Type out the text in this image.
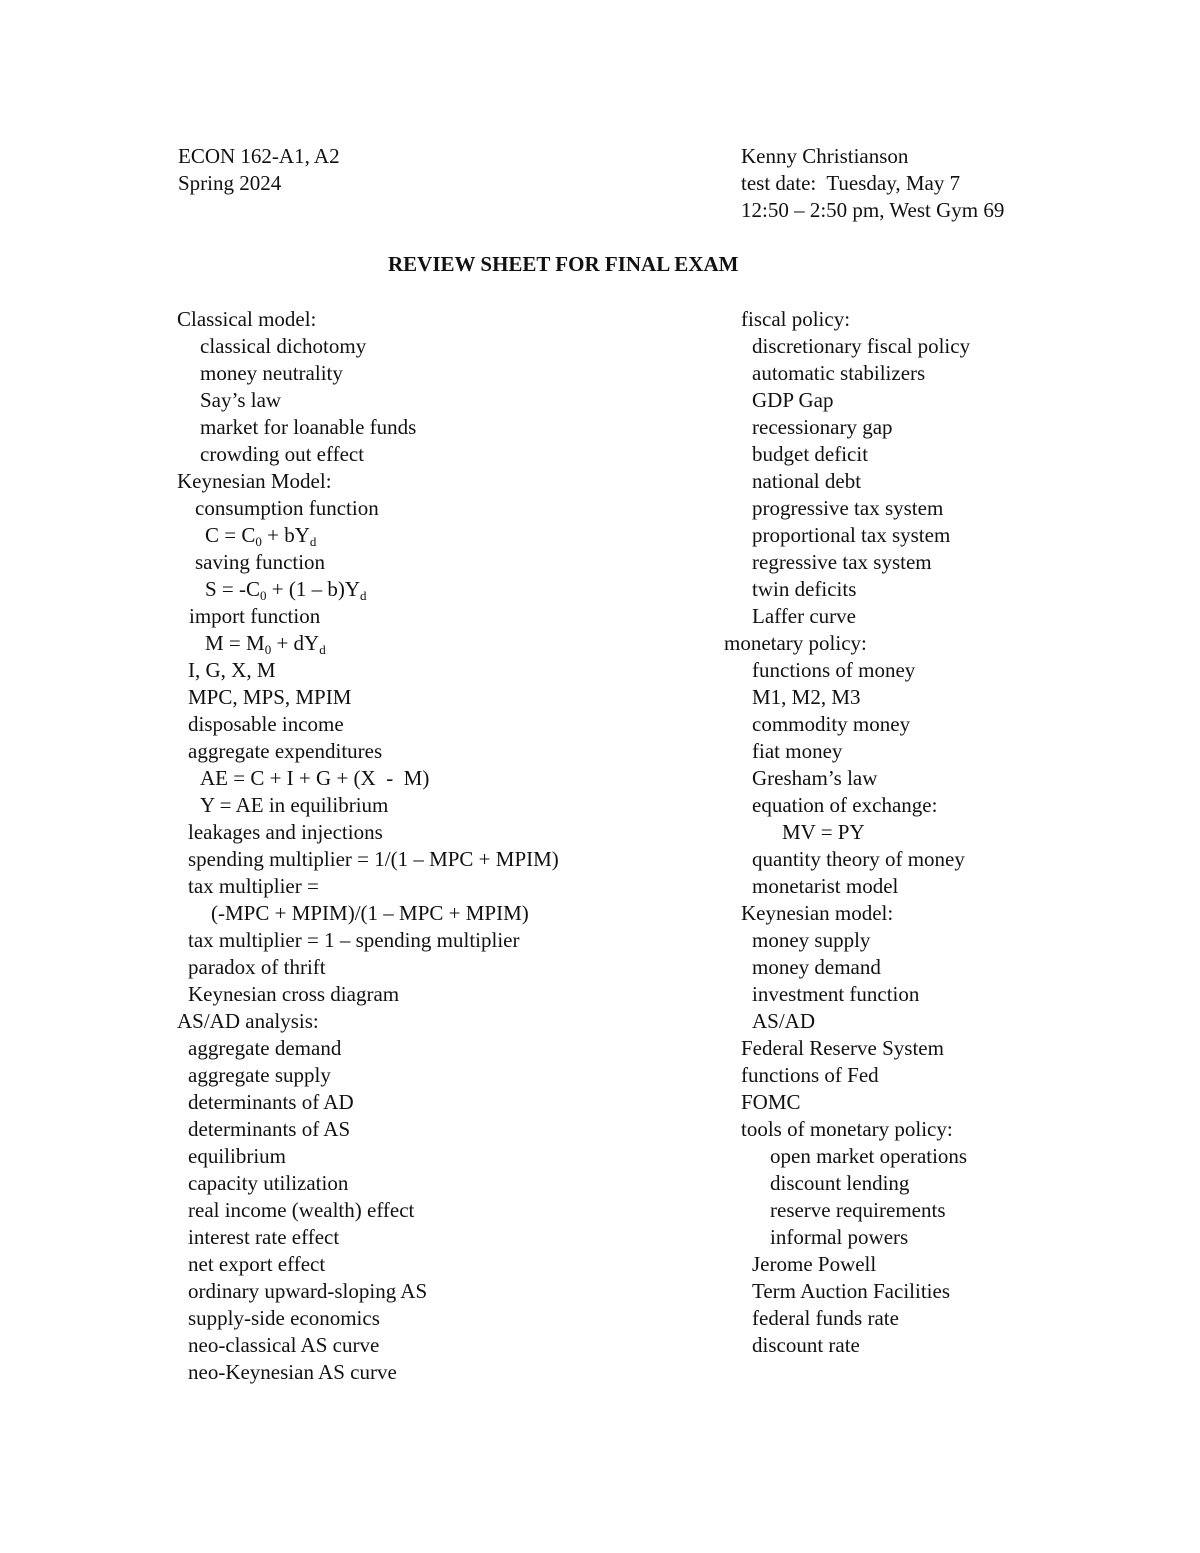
ECON 162-A1, A2
Spring 2024
Kenny Christianson
test date:  Tuesday, May 7
12:50 – 2:50 pm, West Gym 69
REVIEW SHEET FOR FINAL EXAM
Classical model:
classical dichotomy
money neutrality
Say’s law
market for loanable funds
crowding out effect
Keynesian Model:
consumption function
$C = C_0 + bY_d$
saving function
$S = -C_0 + (1 - b)Y_d$
import function
$M = M_0 + dY_d$
I, G, X, M
MPC, MPS, MPIM
disposable income
aggregate expenditures
AE = C + I + G + (X  -  M)
Y = AE in equilibrium
leakages and injections
spending multiplier = 1/(1 – MPC + MPIM)
tax multiplier =
(-MPC + MPIM)/(1 – MPC + MPIM)
tax multiplier = 1 – spending multiplier
paradox of thrift
Keynesian cross diagram
AS/AD analysis:
aggregate demand
aggregate supply
determinants of AD
determinants of AS
equilibrium
capacity utilization
real income (wealth) effect
interest rate effect
net export effect
ordinary upward-sloping AS
supply-side economics
neo-classical AS curve
neo-Keynesian AS curve
fiscal policy:
discretionary fiscal policy
automatic stabilizers
GDP Gap
recessionary gap
budget deficit
national debt
progressive tax system
proportional tax system
regressive tax system
twin deficits
Laffer curve
monetary policy:
functions of money
M1, M2, M3
commodity money
fiat money
Gresham’s law
equation of exchange:
MV = PY
quantity theory of money
monetarist model
Keynesian model:
money supply
money demand
investment function
AS/AD
Federal Reserve System
functions of Fed
FOMC
tools of monetary policy:
open market operations
discount lending
reserve requirements
informal powers
Jerome Powell
Term Auction Facilities
federal funds rate
discount rate
